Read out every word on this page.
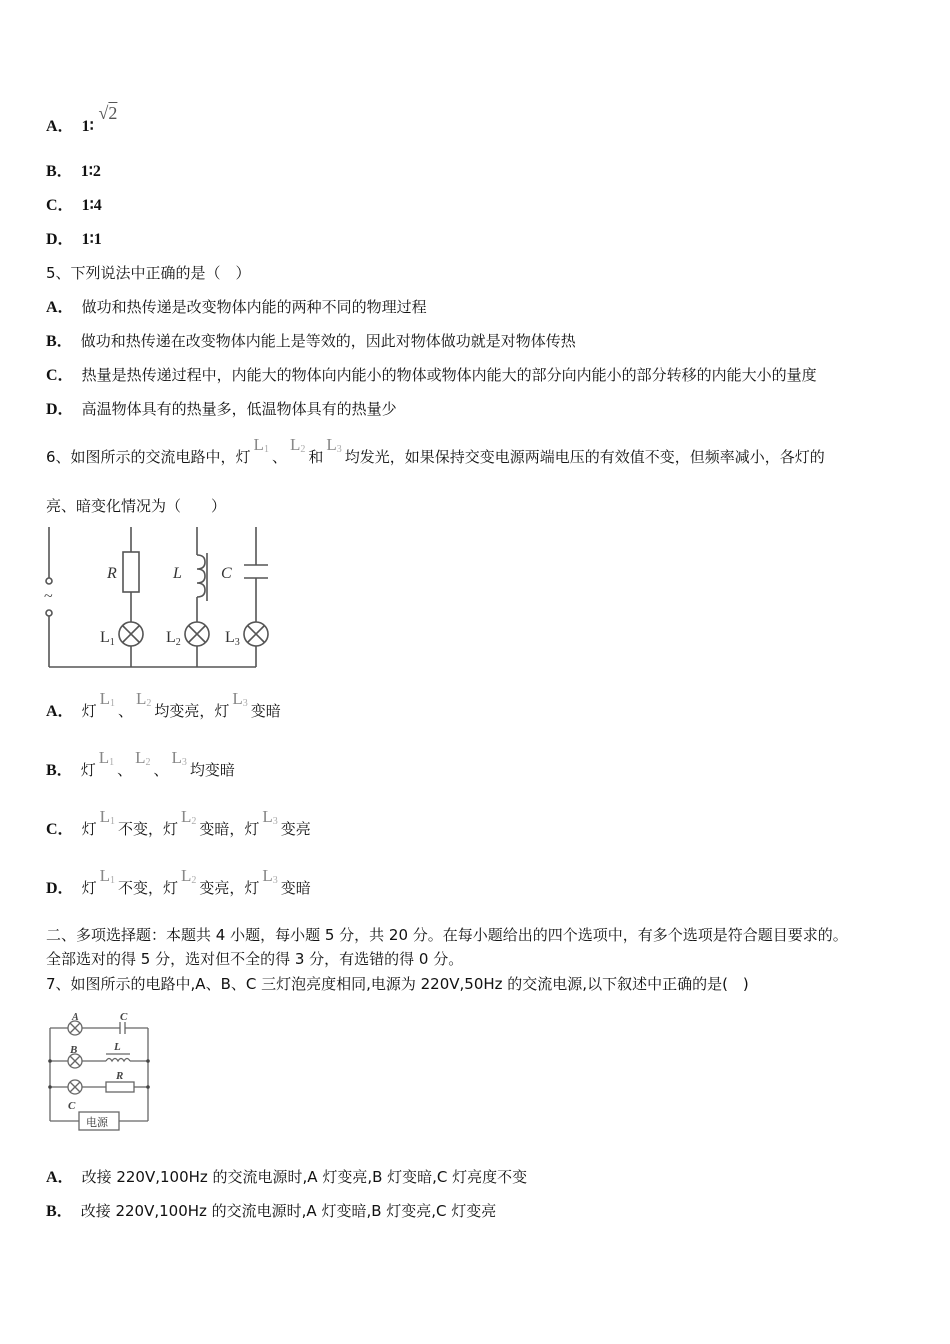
A． 1∶ √2
B． 1∶2
C． 1∶4
D． 1∶1
5、下列说法中正确的是（　）
A． 做功和热传递是改变物体内能的两种不同的物理过程
B． 做功和热传递在改变物体内能上是等效的，因此对物体做功就是对物体传热
C． 热量是热传递过程中，内能大的物体向内能小的物体或物体内能大的部分向内能小的部分转移的内能大小的量度
D． 高温物体具有的热量多，低温物体具有的热量少
6、如图所示的交流电路中，灯$L_1$ 、$L_2$ 和$L_3$ 均发光，如果保持交变电源两端电压的有效值不变，但频率减小，各灯的
亮、暗变化情况为（　　）
~
R	L C
L1	L2	L3
A． 灯$L_1$ 、$L_2$ 均变亮，灯$L_3$ 变暗
B． 灯$L_1$ 、$L_2$ 、$L_3$ 均变暗
C． 灯$L_1$ 不变，灯$L_2$ 变暗，灯$L_3$ 变亮
D． 灯$L_1$ 不变，灯$L_2$ 变亮，灯$L_3$ 变暗
二、多项选择题：本题共 4 小题，每小题 5 分，共 20 分。在每小题给出的四个选项中，有多个选项是符合题目要求的。
全部选对的得 5 分，选对但不全的得 3 分，有选错的得 0 分。
7、如图所示的电路中,A、B、C 三灯泡亮度相同,电源为 220V,50Hz 的交流电源,以下叙述中正确的是(　)
A
B
C
C
L
R
电源
A． 改接 220V,100Hz 的交流电源时,A 灯变亮,B 灯变暗,C 灯亮度不变
B． 改接 220V,100Hz 的交流电源时,A 灯变暗,B 灯变亮,C 灯变亮
